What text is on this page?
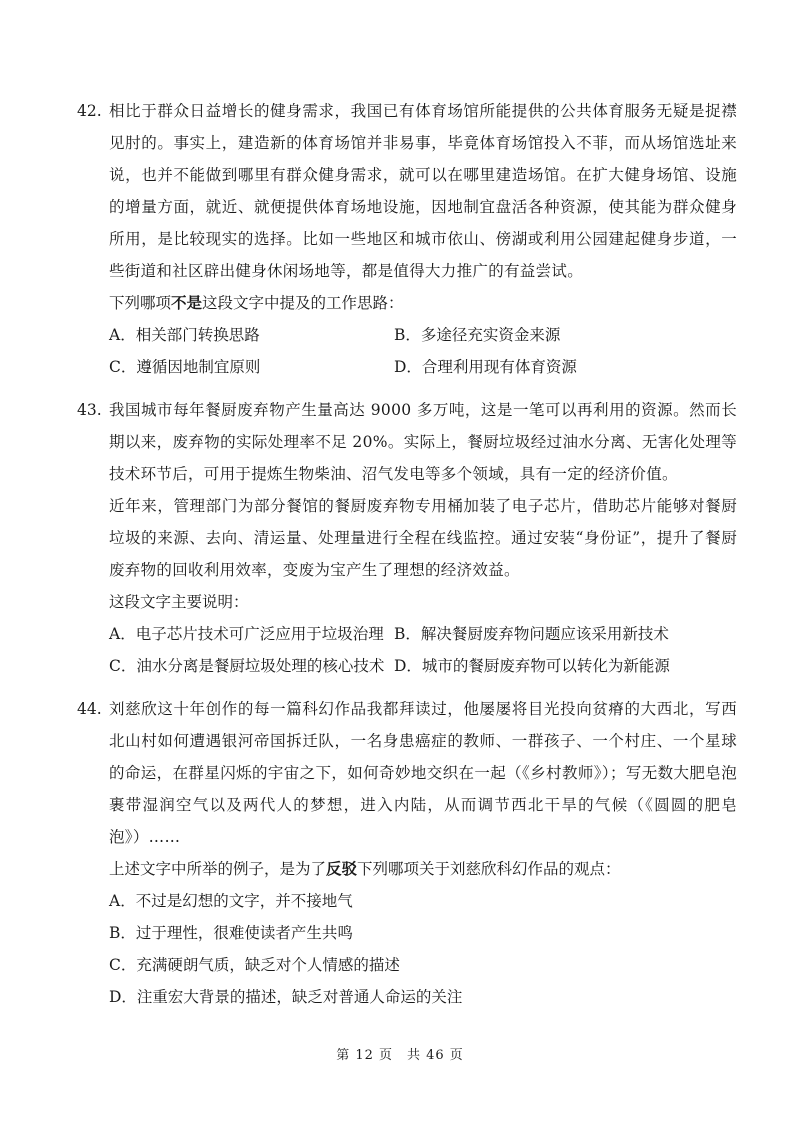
42. 相比于群众日益增长的健身需求，我国已有体育场馆所能提供的公共体育服务无疑是捉襟见肘的。事实上，建造新的体育场馆并非易事，毕竟体育场馆投入不菲，而从场馆选址来说，也并不能做到哪里有群众健身需求，就可以在哪里建造场馆。在扩大健身场馆、设施的增量方面，就近、就便提供体育场地设施，因地制宜盘活各种资源，使其能为群众健身所用，是比较现实的选择。比如一些地区和城市依山、傍湖或利用公园建起健身步道，一些街道和社区辟出健身休闲场地等，都是值得大力推广的有益尝试。
下列哪项不是这段文字中提及的工作思路：
A．相关部门转换思路	B．多途径充实资金来源
C．遵循因地制宜原则	D．合理利用现有体育资源
43. 我国城市每年餐厨废弃物产生量高达 9000 多万吨，这是一笔可以再利用的资源。然而长期以来，废弃物的实际处理率不足 20%。实际上，餐厨垃圾经过油水分离、无害化处理等技术环节后，可用于提炼生物柴油、沼气发电等多个领域，具有一定的经济价值。
近年来，管理部门为部分餐馆的餐厨废弃物专用桶加装了电子芯片，借助芯片能够对餐厨垃圾的来源、去向、清运量、处理量进行全程在线监控。通过安装“身份证”，提升了餐厨废弃物的回收利用效率，变废为宝产生了理想的经济效益。
这段文字主要说明：
A．电子芯片技术可广泛应用于垃圾治理 B．解决餐厨废弃物问题应该采用新技术
C．油水分离是餐厨垃圾处理的核心技术 D．城市的餐厨废弃物可以转化为新能源
44. 刘慈欣这十年创作的每一篇科幻作品我都拜读过，他屡屡将目光投向贫瘠的大西北，写西北山村如何遭遇银河帝国拆迁队，一名身患癌症的教师、一群孩子、一个村庄、一个星球的命运，在群星闪烁的宇宙之下，如何奇妙地交织在一起（《乡村教师》）；写无数大肥皂泡裹带湿润空气以及两代人的梦想，进入内陆，从而调节西北干旱的气候（《圆圆的肥皂泡》）……
上述文字中所举的例子，是为了反驳下列哪项关于刘慈欣科幻作品的观点：
A．不过是幻想的文字，并不接地气
B．过于理性，很难使读者产生共鸣
C．充满硬朗气质，缺乏对个人情感的描述
D．注重宏大背景的描述，缺乏对普通人命运的关注
第 12 页　共 46 页
